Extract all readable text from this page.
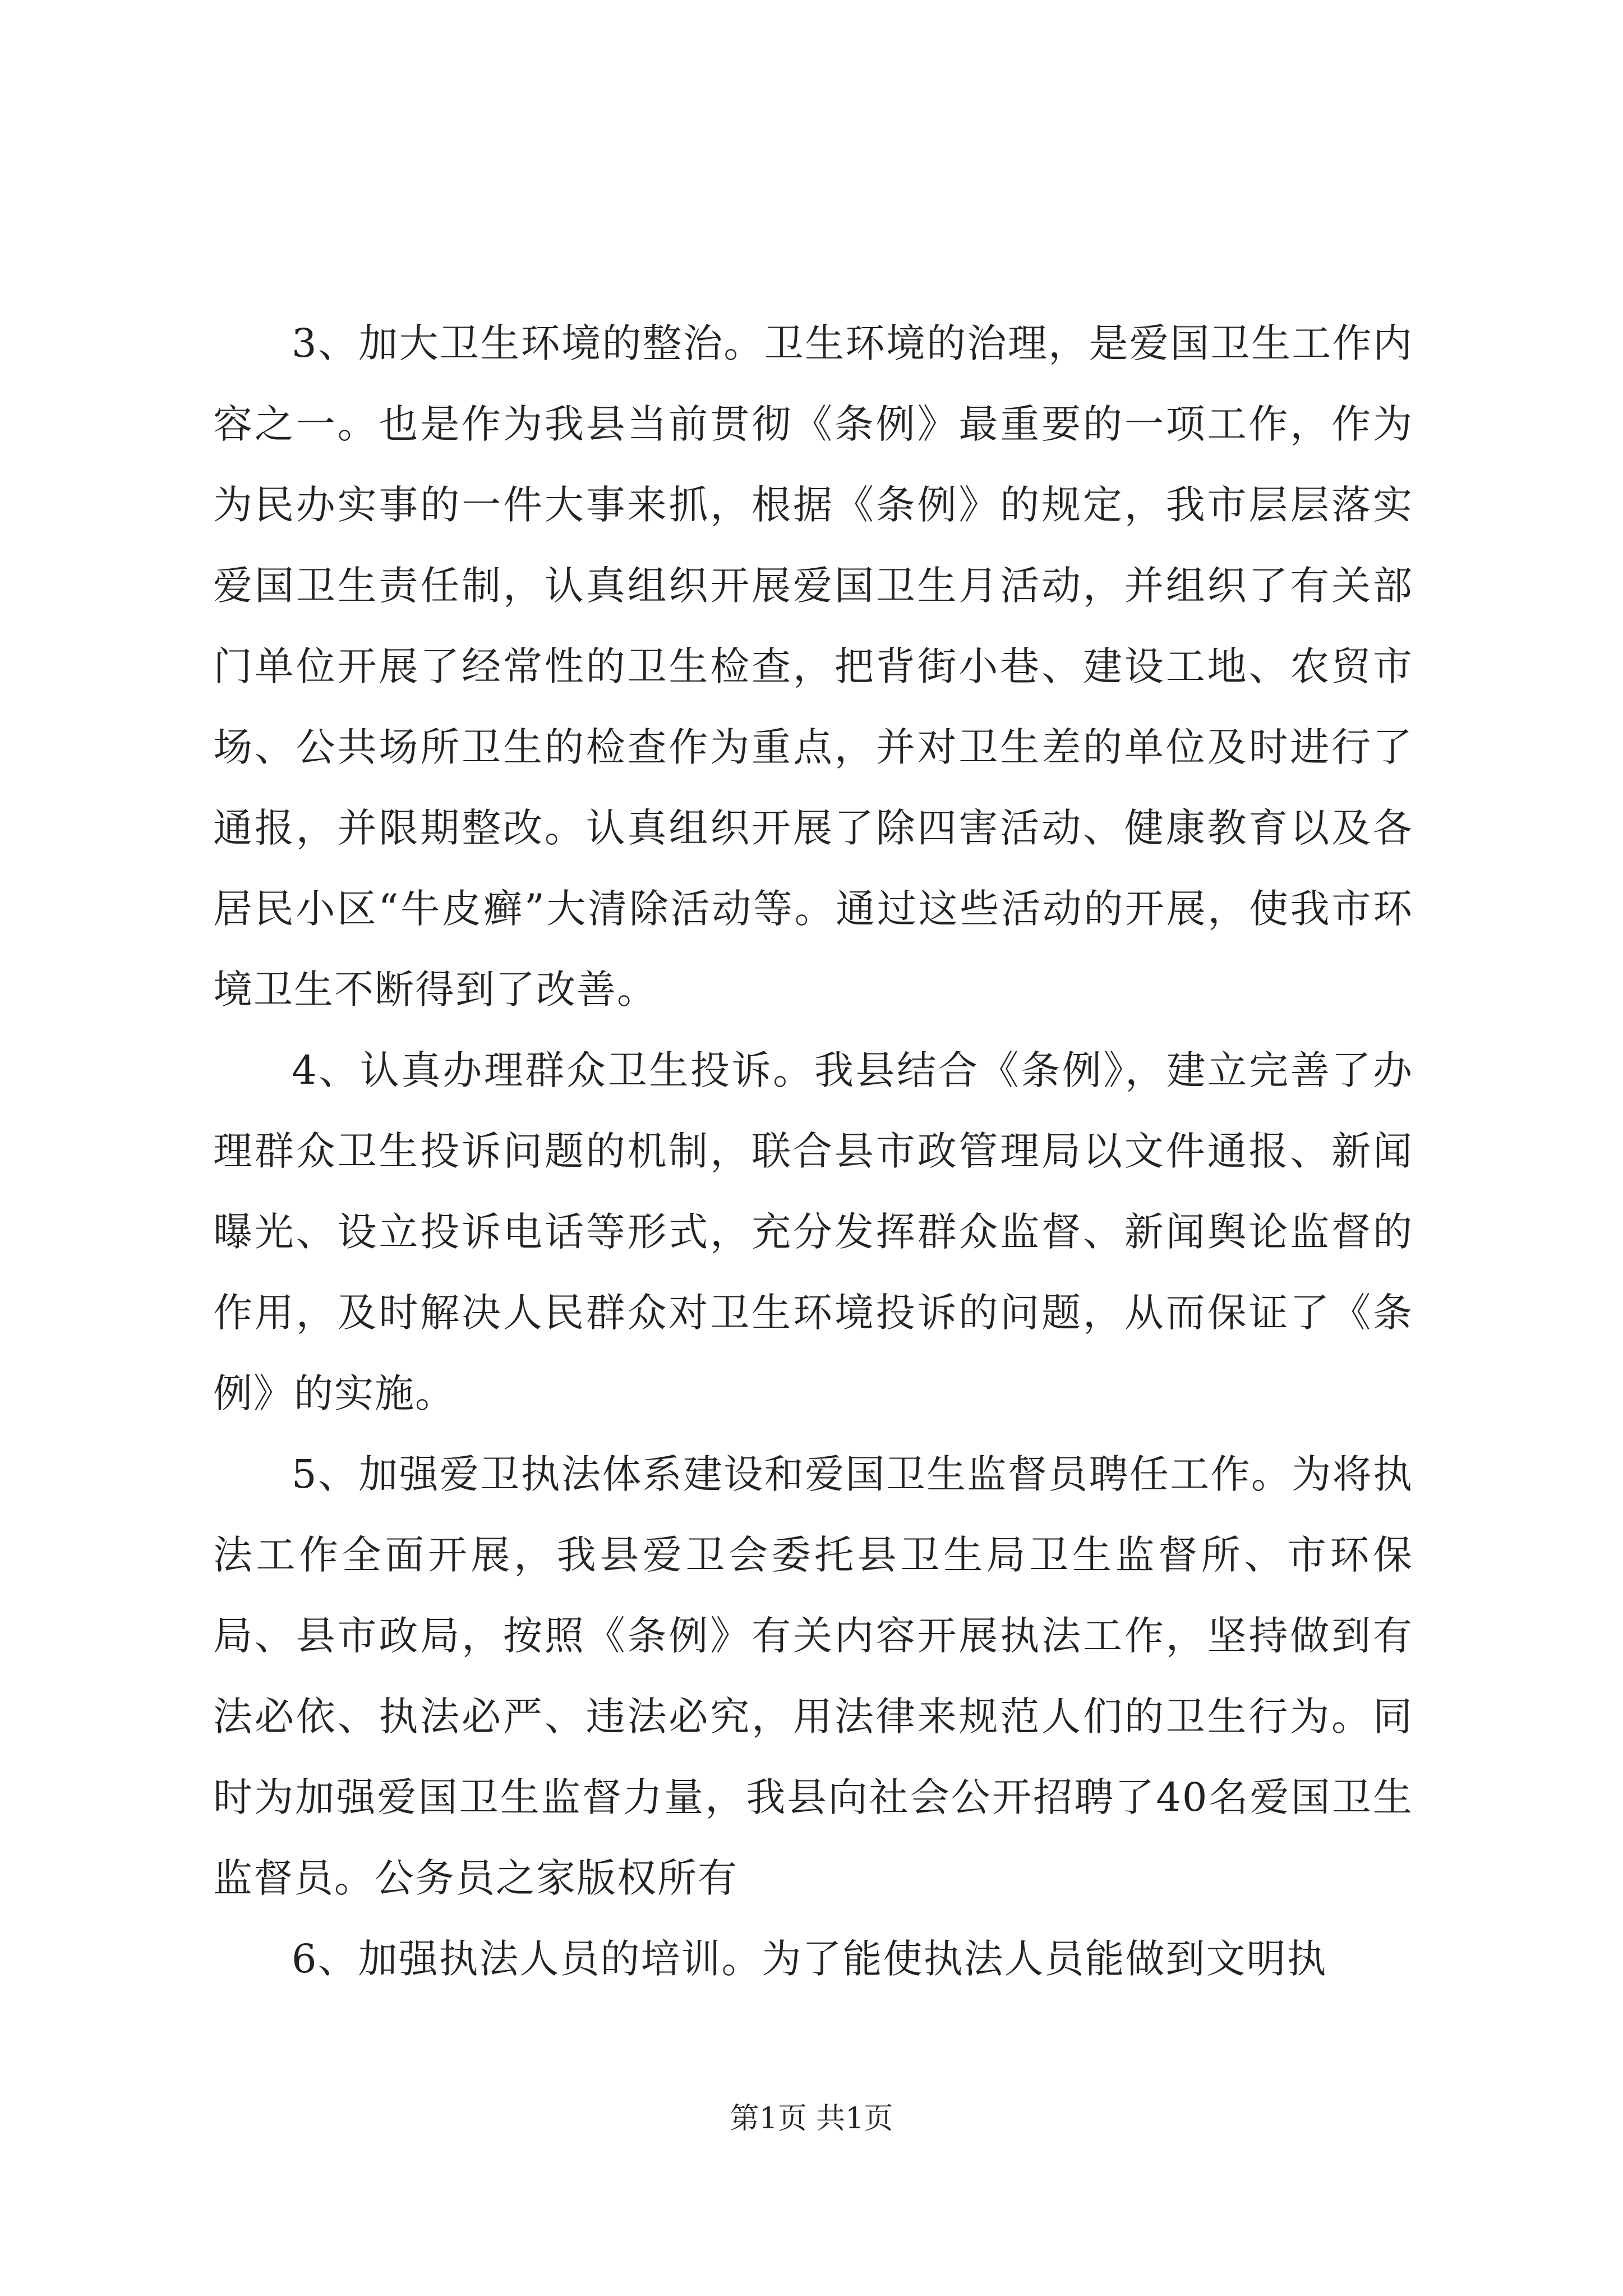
3、加大卫生环境的整治。卫生环境的治理，是爱国卫生工作内容之一。也是作为我县当前贯彻《条例》最重要的一项工作，作为为民办实事的一件大事来抓，根据《条例》的规定，我市层层落实爱国卫生责任制，认真组织开展爱国卫生月活动，并组织了有关部门单位开展了经常性的卫生检查，把背街小巷、建设工地、农贸市场、公共场所卫生的检查作为重点，并对卫生差的单位及时进行了通报，并限期整改。认真组织开展了除四害活动、健康教育以及各居民小区“牛皮癣”大清除活动等。通过这些活动的开展，使我市环境卫生不断得到了改善。

4、认真办理群众卫生投诉。我县结合《条例》，建立完善了办理群众卫生投诉问题的机制，联合县市政管理局以文件通报、新闻曝光、设立投诉电话等形式，充分发挥群众监督、新闻舆论监督的作用，及时解决人民群众对卫生环境投诉的问题，从而保证了《条例》的实施。

5、加强爱卫执法体系建设和爱国卫生监督员聘任工作。为将执法工作全面开展，我县爱卫会委托县卫生局卫生监督所、市环保局、县市政局，按照《条例》有关内容开展执法工作，坚持做到有法必依、执法必严、违法必究，用法律来规范人们的卫生行为。同时为加强爱国卫生监督力量，我县向社会公开招聘了40名爱国卫生监督员。公务员之家版权所有

6、加强执法人员的培训。为了能使执法人员能做到文明执

第1页 共1页
